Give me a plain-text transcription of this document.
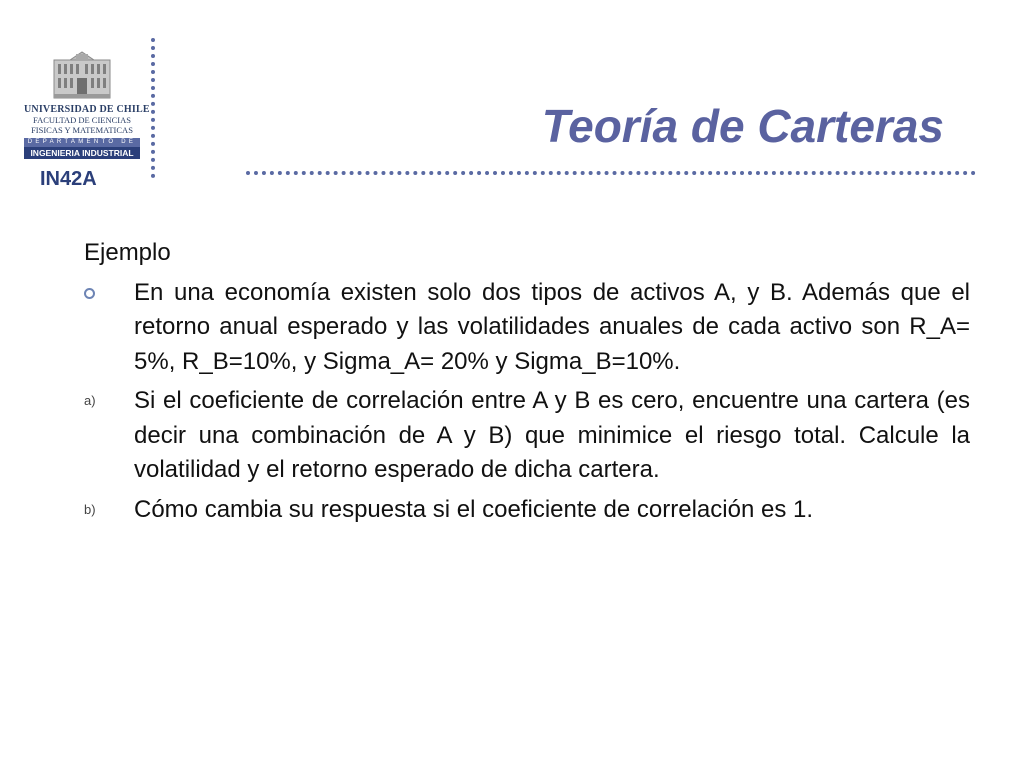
UNIVERSIDAD DE CHILE
FACULTAD DE CIENCIAS
FISICAS Y MATEMATICAS
DEPARTAMENTO DE
INGENIERIA INDUSTRIAL
IN42A
Teoría de Carteras

Ejemplo

En una economía existen solo dos tipos de activos A, y B. Además que el retorno anual esperado y las volatilidades anuales de cada activo son R_A= 5%, R_B=10%, y Sigma_A= 20% y Sigma_B=10%.
a) Si el coeficiente de correlación entre A y B es cero, encuentre una cartera (es decir una combinación de A y B) que minimice el riesgo total. Calcule la volatilidad y el retorno esperado de dicha cartera.
b) Cómo cambia su respuesta si el coeficiente de correlación es 1.
